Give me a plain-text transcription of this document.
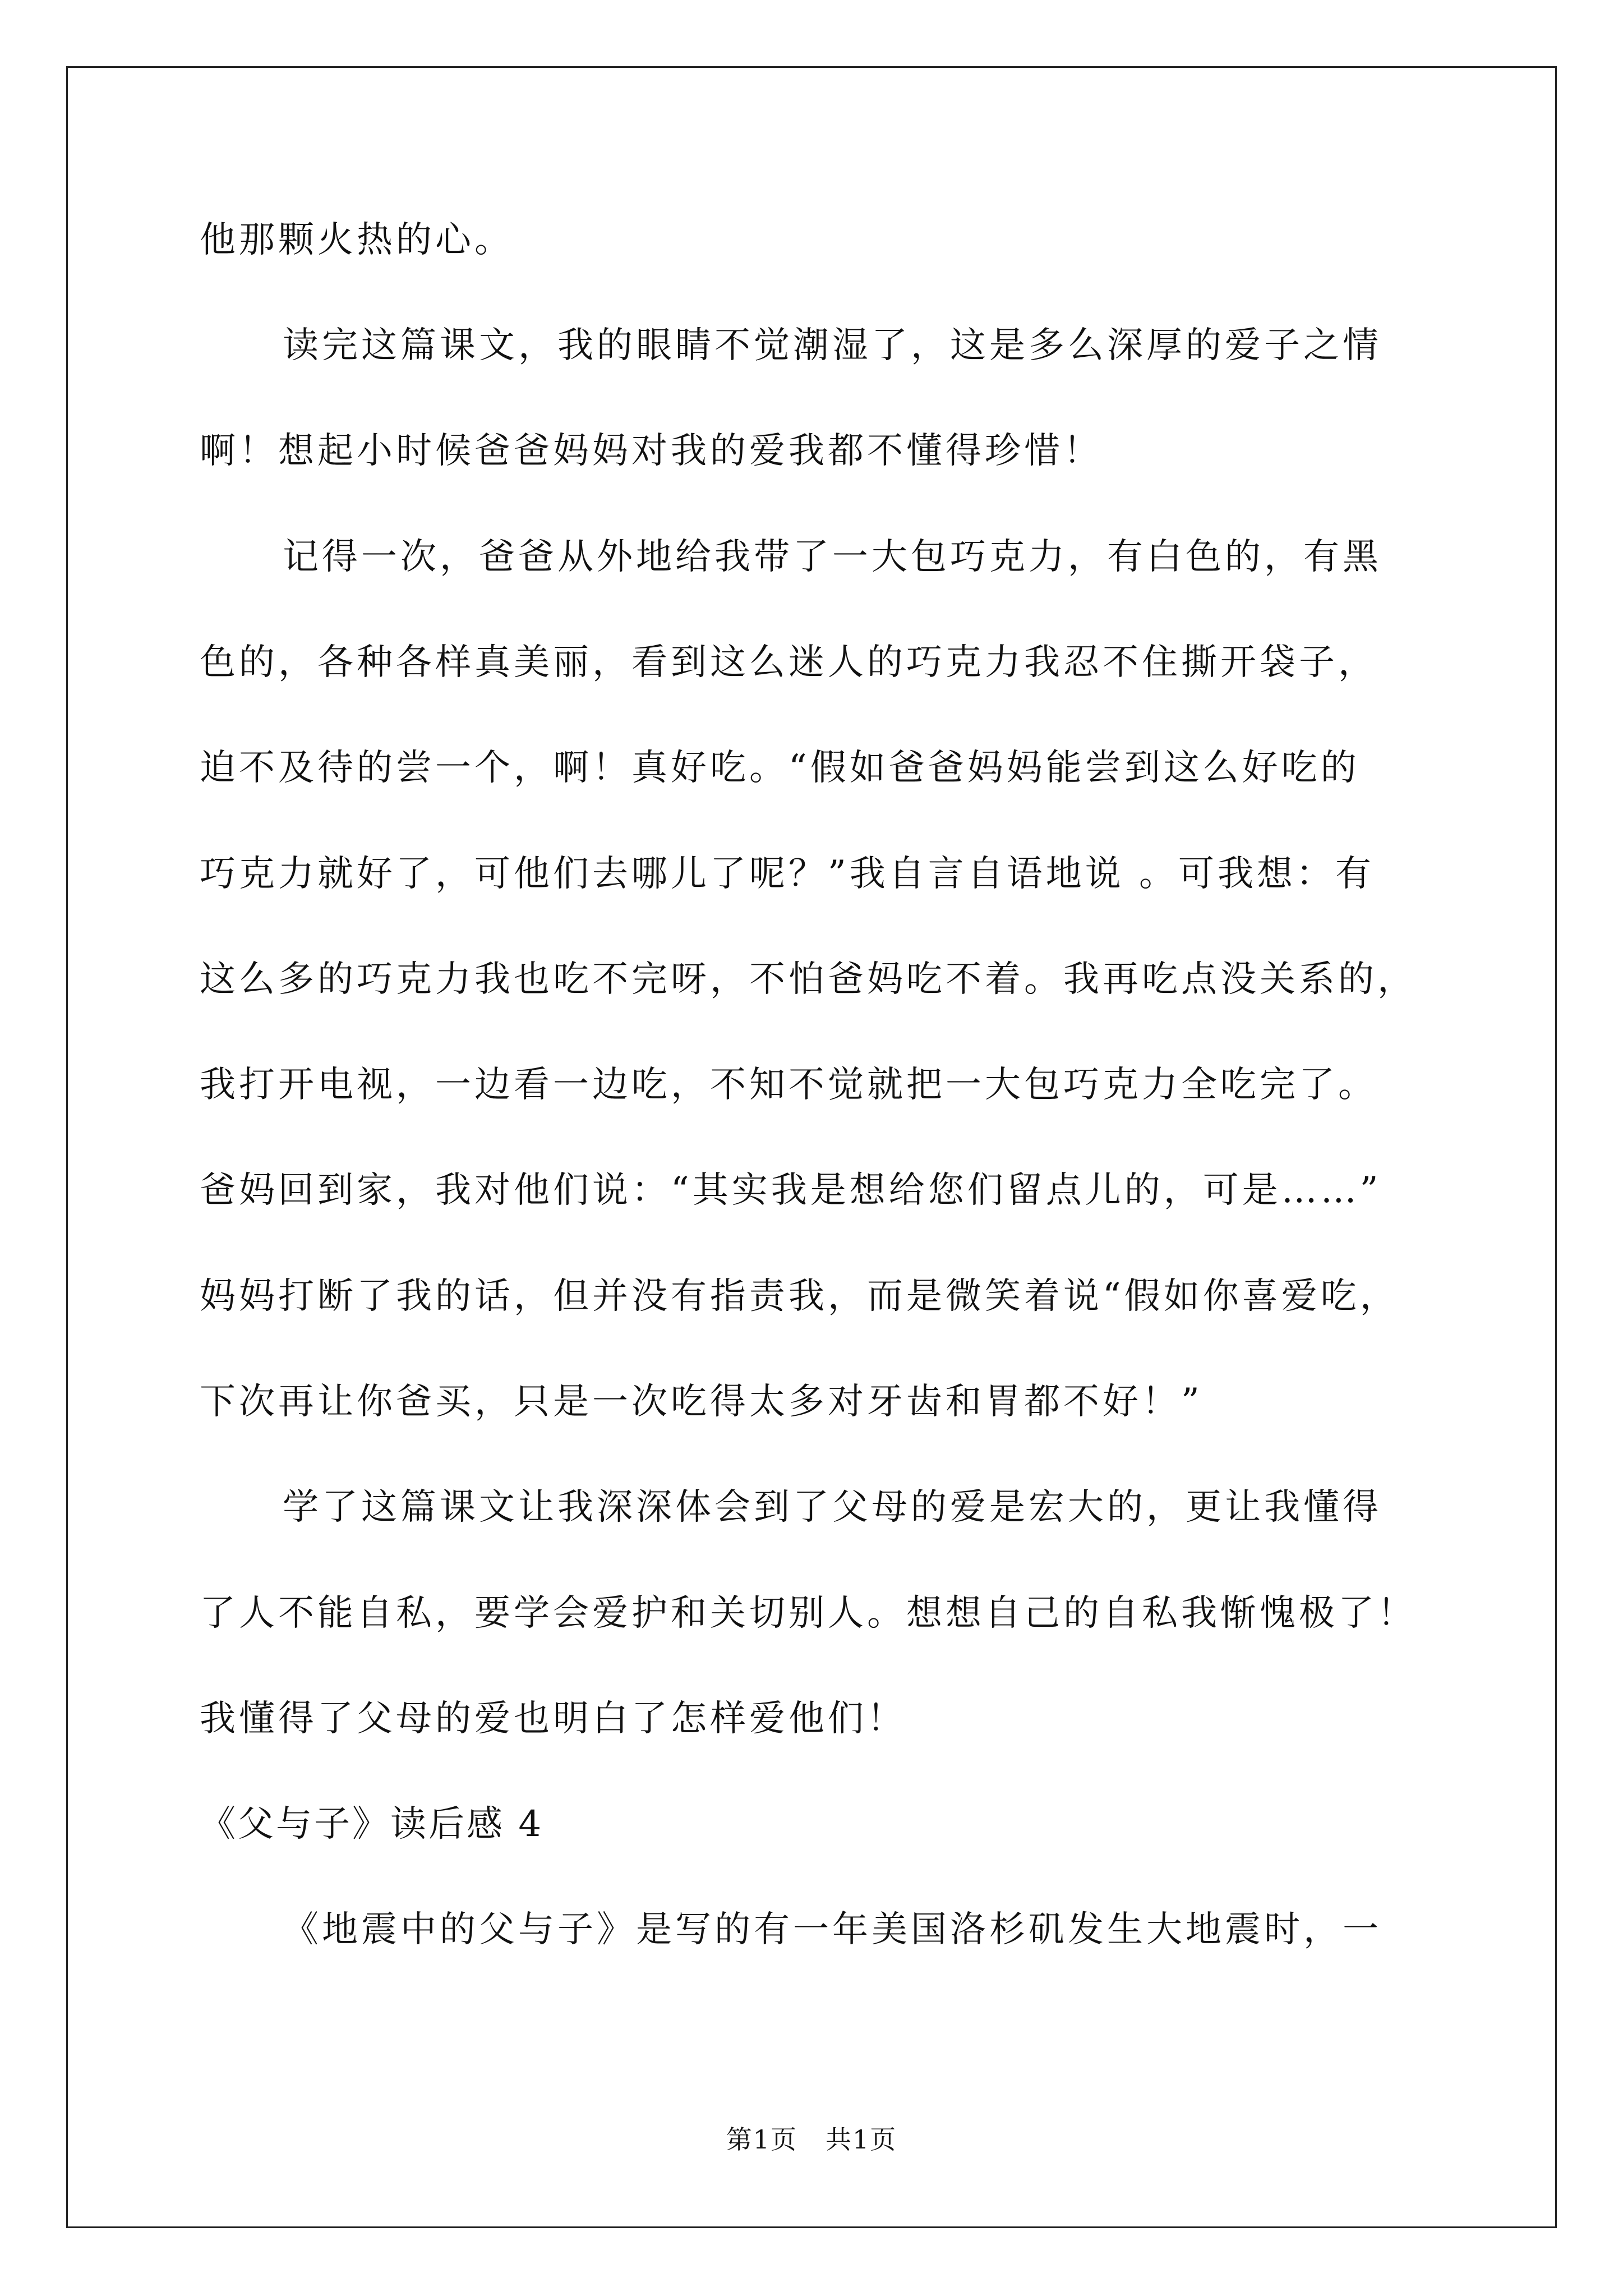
他那颗火热的心。
读完这篇课文，我的眼睛不觉潮湿了，这是多么深厚的爱子之情
啊！想起小时候爸爸妈妈对我的爱我都不懂得珍惜！
记得一次，爸爸从外地给我带了一大包巧克力，有白色的，有黑
色的，各种各样真美丽，看到这么迷人的巧克力我忍不住撕开袋子，
迫不及待的尝一个，啊！真好吃。“假如爸爸妈妈能尝到这么好吃的
巧克力就好了，可他们去哪儿了呢？”我自言自语地说 。可我想：有
这么多的巧克力我也吃不完呀，不怕爸妈吃不着。我再吃点没关系的，
我打开电视，一边看一边吃，不知不觉就把一大包巧克力全吃完了。
爸妈回到家，我对他们说：“其实我是想给您们留点儿的，可是……”
妈妈打断了我的话，但并没有指责我，而是微笑着说“假如你喜爱吃，
下次再让你爸买，只是一次吃得太多对牙齿和胃都不好！”
学了这篇课文让我深深体会到了父母的爱是宏大的，更让我懂得
了人不能自私，要学会爱护和关切别人。想想自己的自私我惭愧极了！
我懂得了父母的爱也明白了怎样爱他们！
《父与子》读后感 4
《地震中的父与子》是写的有一年美国洛杉矶发生大地震时，一
第1页 共1页
